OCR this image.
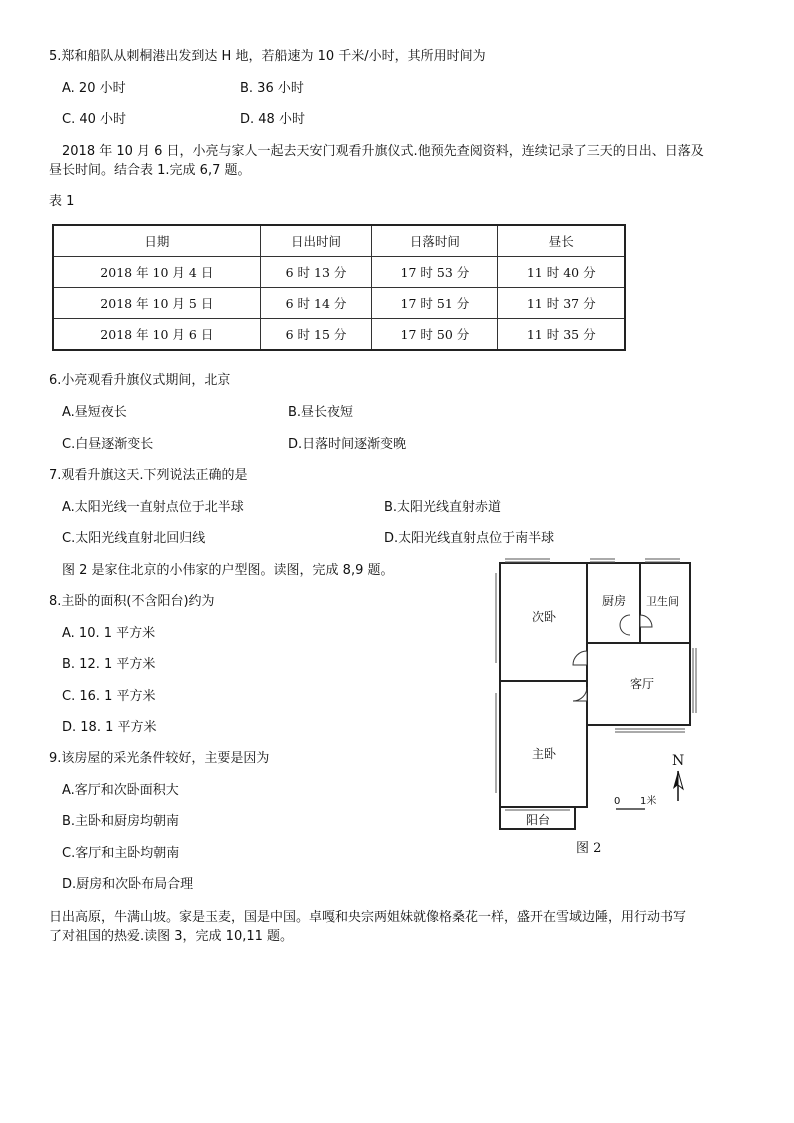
5.郑和船队从刺桐港出发到达 H 地，若船速为 10 千米/小时，其所用时间为
A. 20 小时	B. 36 小时
C. 40 小时	D. 48 小时
2018 年 10 月 6 日，小亮与家人一起去天安门观看升旗仪式.他预先查阅资料，连续记录了三天的日出、日落及
昼长时间。结合表 1.完成 6,7 题。
表 1
日期	日出时间	日落时间	昼长
2018 年 10 月 4 日	6 时 13 分	17 时 53 分	11 时 40 分
2018 年 10 月 5 日	6 时 14 分	17 时 51 分	11 时 37 分
2018 年 10 月 6 日	6 时 15 分	17 时 50 分	11 时 35 分
6.小亮观看升旗仪式期间，北京
A.昼短夜长	B.昼长夜短
C.白昼逐渐变长	D.日落时间逐渐变晚
7.观看升旗这天.下列说法正确的是
A.太阳光线一直射点位于北半球	B.太阳光线直射赤道
C.太阳光线直射北回归线	D.太阳光线直射点位于南半球
图 2 是家住北京的小伟家的户型图。读图，完成 8,9 题。
8.主卧的面积(不含阳台)约为
A. 10. 1 平方米
B. 12. 1 平方米
C. 16. 1 平方米
D. 18. 1 平方米
9.该房屋的采光条件较好，主要是因为
A.客厅和次卧面积大
B.主卧和厨房均朝南
C.客厅和主卧均朝南
D.厨房和次卧布局合理
日出高原，牛满山坡。家是玉麦，国是中国。卓嘎和央宗两姐妹就像格桑花一样，盛开在雪域边陲，用行动书写
了对祖国的热爱.读图 3，完成 10,11 题。
次卧
厨房 卫生间
客厅
主卧
阳台
N
0 1米
图 2
